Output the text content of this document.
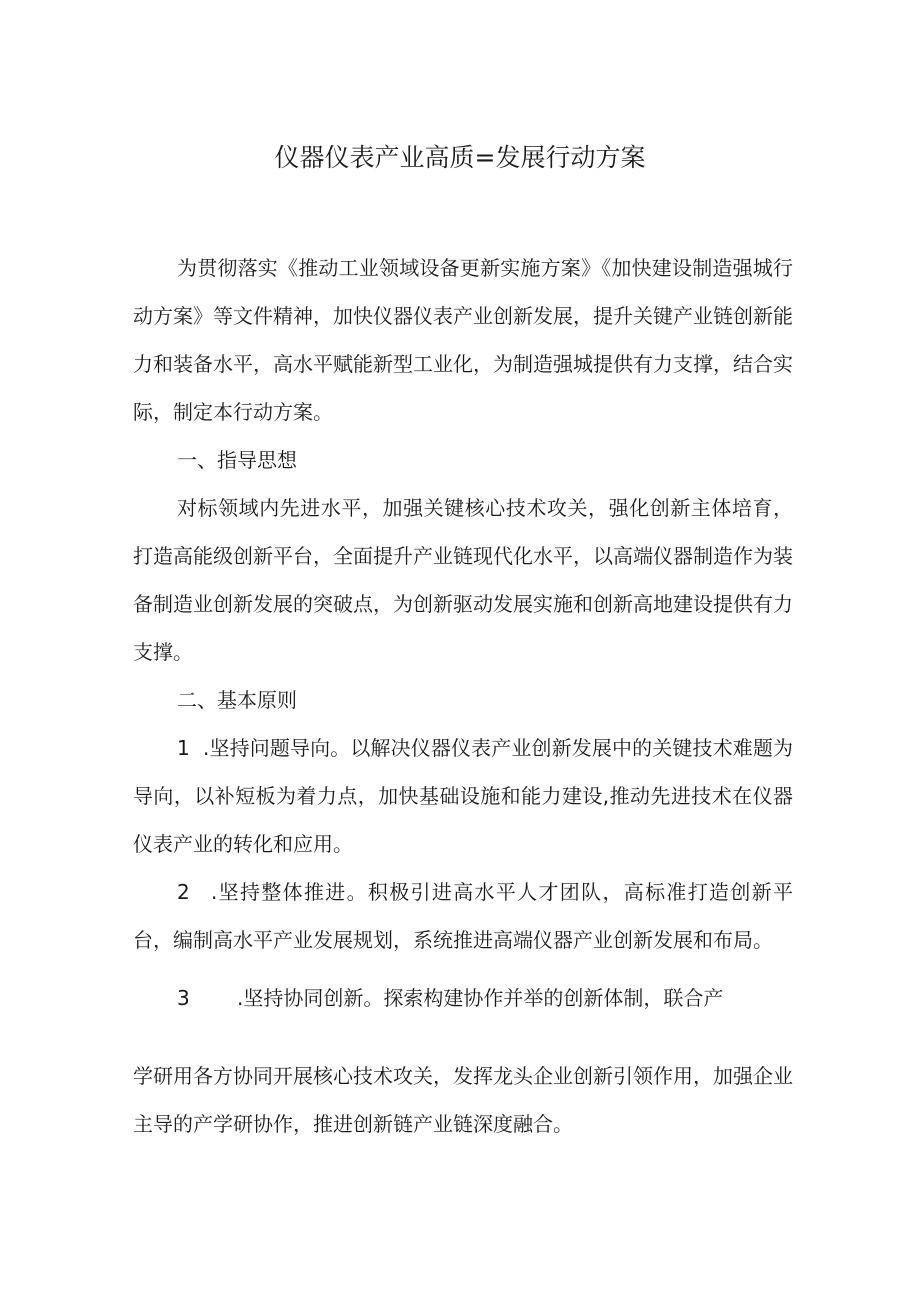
仪器仪表产业高质=发展行动方案
为贯彻落实《推动工业领域设备更新实施方案》《加快建设制造强城行动方案》等文件精神，加快仪器仪表产业创新发展，提升关键产业链创新能力和装备水平，高水平赋能新型工业化，为制造强城提供有力支撑，结合实际，制定本行动方案。
一、指导思想
对标领域内先进水平，加强关键核心技术攻关，强化创新主体培育，打造高能级创新平台，全面提升产业链现代化水平，以高端仪器制造作为装备制造业创新发展的突破点，为创新驱动发展实施和创新高地建设提供有力支撑。
二、基本原则
1 .坚持问题导向。以解决仪器仪表产业创新发展中的关键技术难题为导向，以补短板为着力点，加快基础设施和能力建设,推动先进技术在仪器仪表产业的转化和应用。
2 .坚持整体推进。积极引进高水平人才团队，高标准打造创新平台，编制高水平产业发展规划，系统推进高端仪器产业创新发展和布局。
3 .坚持协同创新。探索构建协作并举的创新体制，联合产
学研用各方协同开展核心技术攻关，发挥龙头企业创新引领作用，加强企业主导的产学研协作，推进创新链产业链深度融合。
